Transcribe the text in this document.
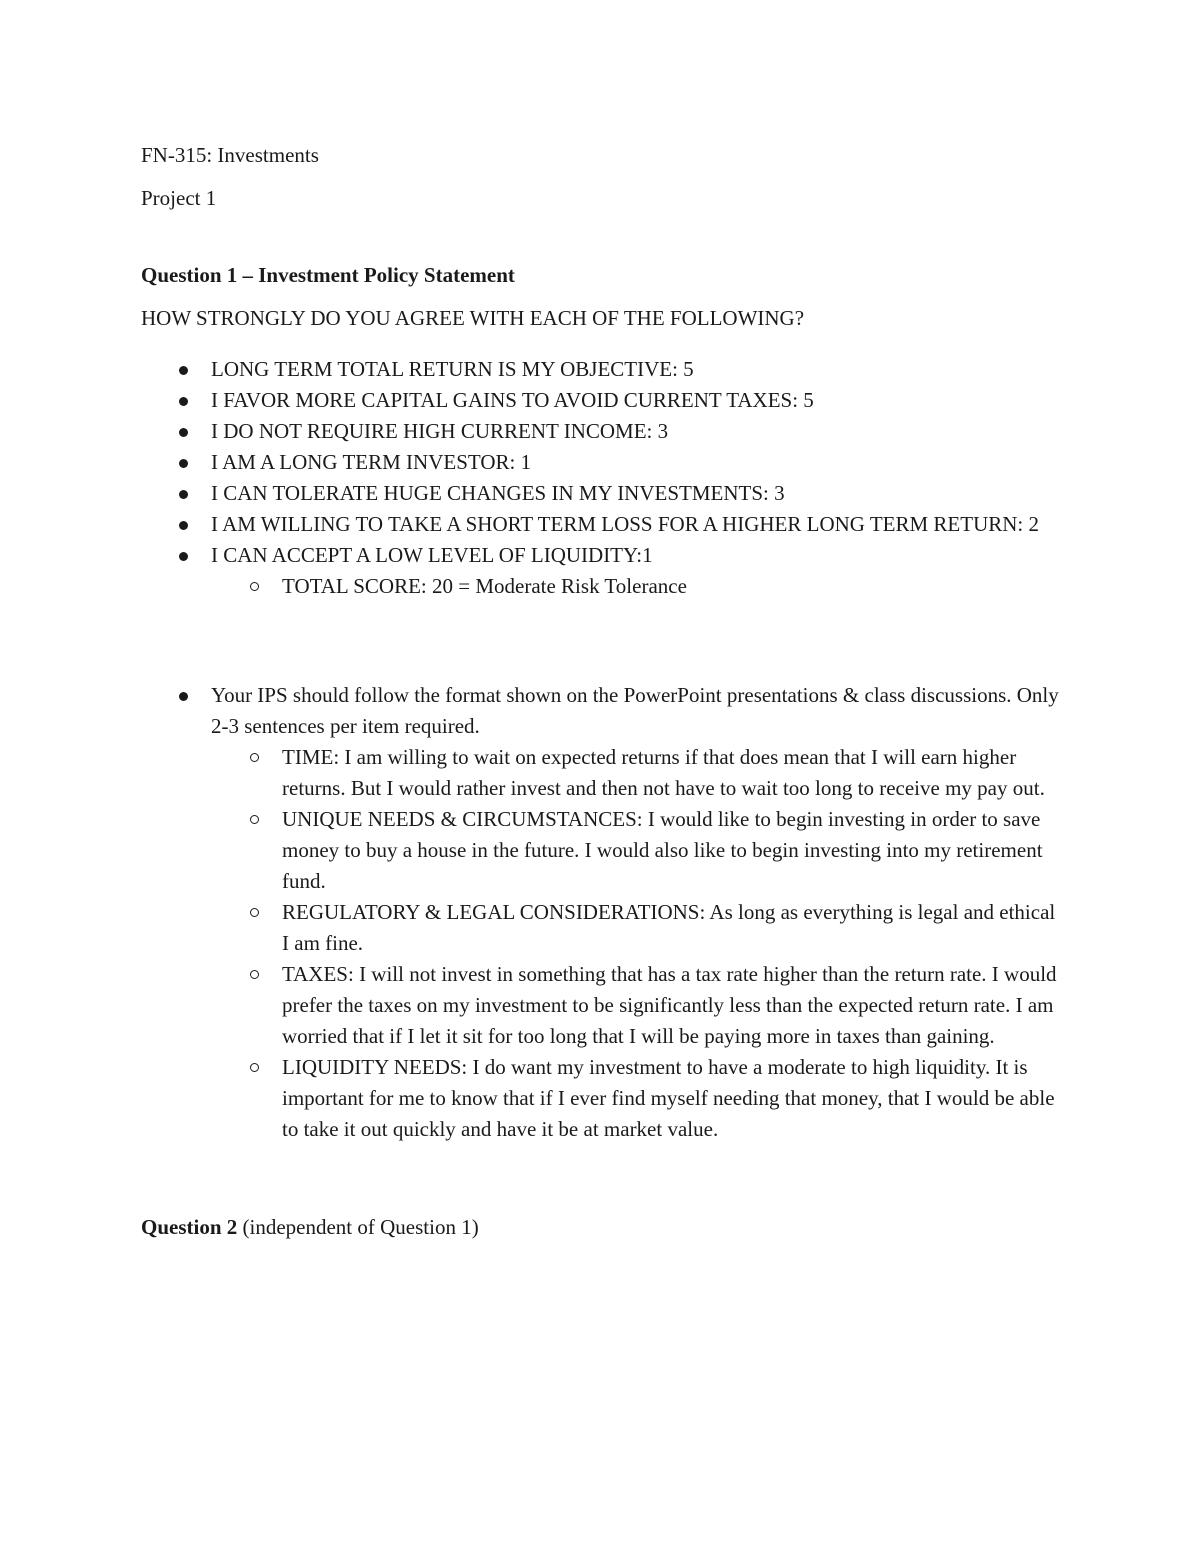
FN-315: Investments

Project 1

Question 1 – Investment Policy Statement

HOW STRONGLY DO YOU AGREE WITH EACH OF THE FOLLOWING?

LONG TERM TOTAL RETURN IS MY OBJECTIVE: 5
I FAVOR MORE CAPITAL GAINS TO AVOID CURRENT TAXES: 5
I DO NOT REQUIRE HIGH CURRENT INCOME: 3
I AM A LONG TERM INVESTOR: 1
I CAN TOLERATE HUGE CHANGES IN MY INVESTMENTS: 3
I AM WILLING TO TAKE A SHORT TERM LOSS FOR A HIGHER LONG TERM RETURN: 2
I CAN ACCEPT A LOW LEVEL OF LIQUIDITY:1
TOTAL SCORE: 20 = Moderate Risk Tolerance
Your IPS should follow the format shown on the PowerPoint presentations & class discussions. Only 2-3 sentences per item required.
TIME: I am willing to wait on expected returns if that does mean that I will earn higher returns. But I would rather invest and then not have to wait too long to receive my pay out.
UNIQUE NEEDS & CIRCUMSTANCES: I would like to begin investing in order to save money to buy a house in the future. I would also like to begin investing into my retirement fund.
REGULATORY & LEGAL CONSIDERATIONS: As long as everything is legal and ethical I am fine.
TAXES: I will not invest in something that has a tax rate higher than the return rate. I would prefer the taxes on my investment to be significantly less than the expected return rate. I am worried that if I let it sit for too long that I will be paying more in taxes than gaining.
LIQUIDITY NEEDS: I do want my investment to have a moderate to high liquidity. It is important for me to know that if I ever find myself needing that money, that I would be able to take it out quickly and have it be at market value.

Question 2 (independent of Question 1)
